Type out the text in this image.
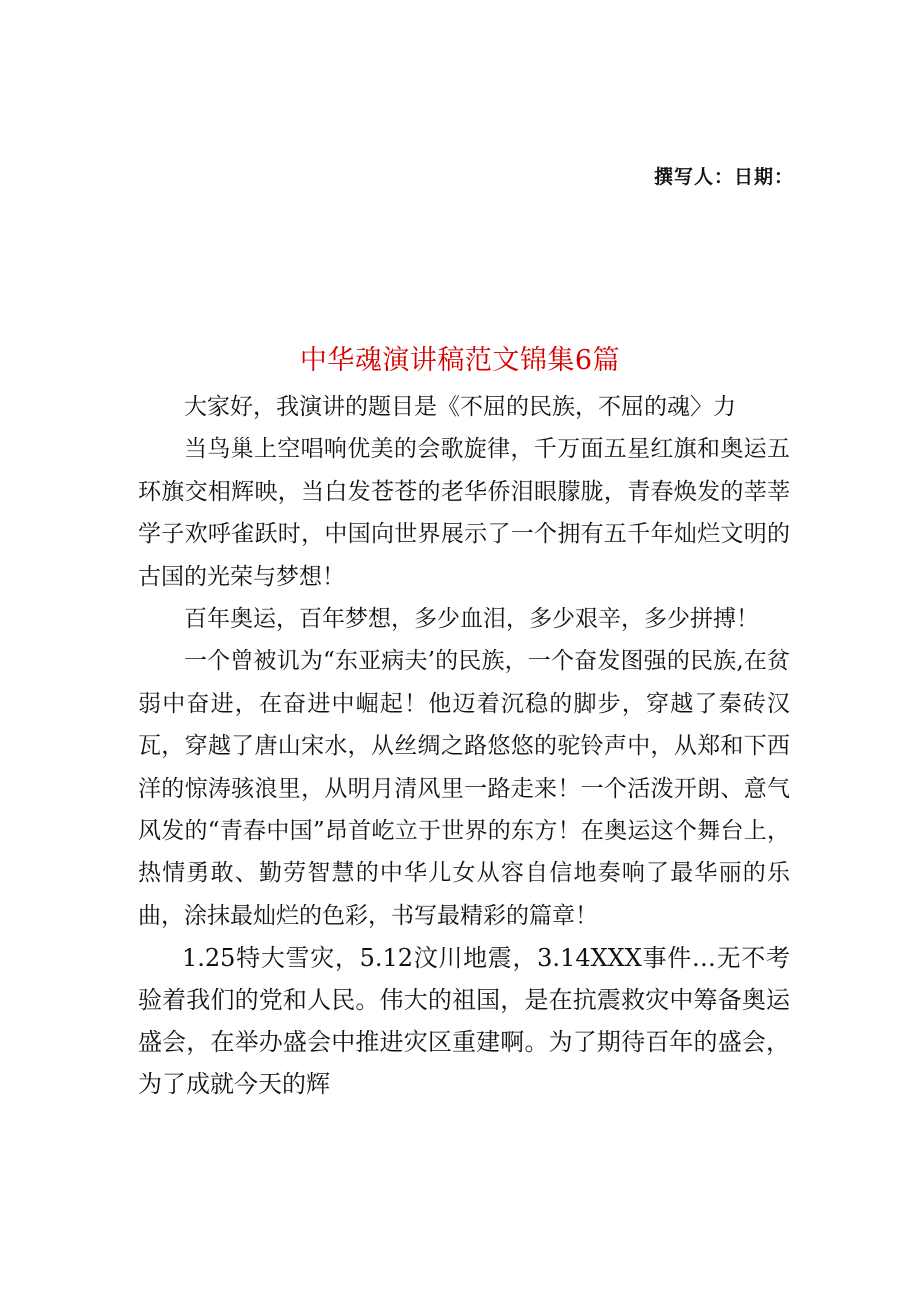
撰写人：日期：
中华魂演讲稿范文锦集6篇

大家好，我演讲的题目是《不屈的民族，不屈的魂〉力

当鸟巢上空唱响优美的会歌旋律，千万面五星红旗和奥运五环旗交相辉映，当白发苍苍的老华侨泪眼朦胧，青春焕发的莘莘学子欢呼雀跃时，中国向世界展示了一个拥有五千年灿烂文明的古国的光荣与梦想！

百年奥运，百年梦想，多少血泪，多少艰辛，多少拼搏！

一个曾被讥为“东亚病夫’的民族，一个奋发图强的民族,在贫弱中奋进，在奋进中崛起！他迈着沉稳的脚步，穿越了秦砖汉瓦，穿越了唐山宋水，从丝绸之路悠悠的驼铃声中，从郑和下西洋的惊涛骇浪里，从明月清风里一路走来！一个活泼开朗、意气风发的“青春中国”昂首屹立于世界的东方！在奥运这个舞台上，热情勇敢、勤劳智慧的中华儿女从容自信地奏响了最华丽的乐曲，涂抹最灿烂的色彩，书写最精彩的篇章！

1.25特大雪灾，5.12汶川地震，3.14XXX事件…无不考验着我们的党和人民。伟大的祖国，是在抗震救灾中筹备奥运盛会，在举办盛会中推进灾区重建啊。为了期待百年的盛会，为了成就今天的辉
